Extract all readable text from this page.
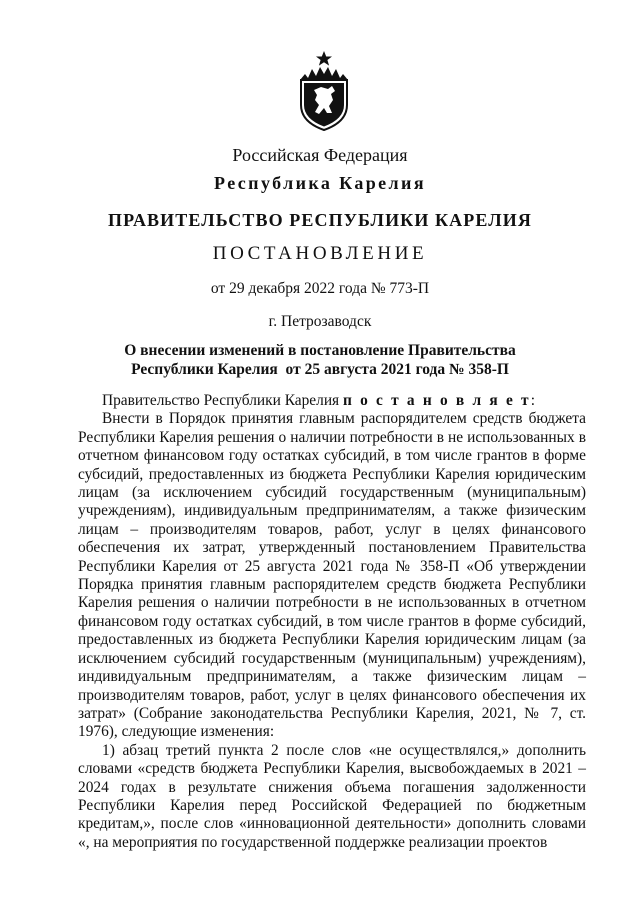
Российская Федерация
Республика Карелия
ПРАВИТЕЛЬСТВО РЕСПУБЛИКИ КАРЕЛИЯ
ПОСТАНОВЛЕНИЕ
от 29 декабря 2022 года № 773-П
г. Петрозаводск
О внесении изменений в постановление Правительства
Республики Карелия  от 25 августа 2021 года № 358-П

Правительство Республики Карелия п о с т а н о в л я е т:

Внести в Порядок принятия главным распорядителем средств бюджета Республики Карелия решения о наличии потребности в не использованных в отчетном финансовом году остатках субсидий, в том числе грантов в форме субсидий, предоставленных из бюджета Республики Карелия юридическим лицам (за исключением субсидий государственным (муниципальным) учреждениям), индивидуальным предпринимателям, а также физическим лицам – производителям товаров, работ, услуг в целях финансового обеспечения их затрат, утвержденный постановлением Правительства Республики Карелия от 25 августа 2021 года № 358-П «Об утверждении Порядка принятия главным распорядителем средств бюджета Республики Карелия решения о наличии потребности в не использованных в отчетном финансовом году остатках субсидий, в том числе грантов в форме субсидий, предоставленных из бюджета Республики Карелия юридическим лицам (за исключением субсидий государственным (муниципальным) учреждениям), индивидуальным предпринимателям, а также физическим лицам – производителям товаров, работ, услуг в целях финансового обеспечения их затрат» (Собрание законодательства Республики Карелия, 2021, № 7, ст. 1976), следующие изменения:

1) абзац третий пункта 2 после слов «не осуществлялся,» дополнить словами «средств бюджета Республики Карелия, высвобождаемых в 2021 – 2024 годах в результате снижения объема погашения задолженности Республики Карелия перед Российской Федерацией по бюджетным кредитам,», после слов «инновационной деятельности» дополнить словами «, на мероприятия по государственной поддержке реализации проектов
